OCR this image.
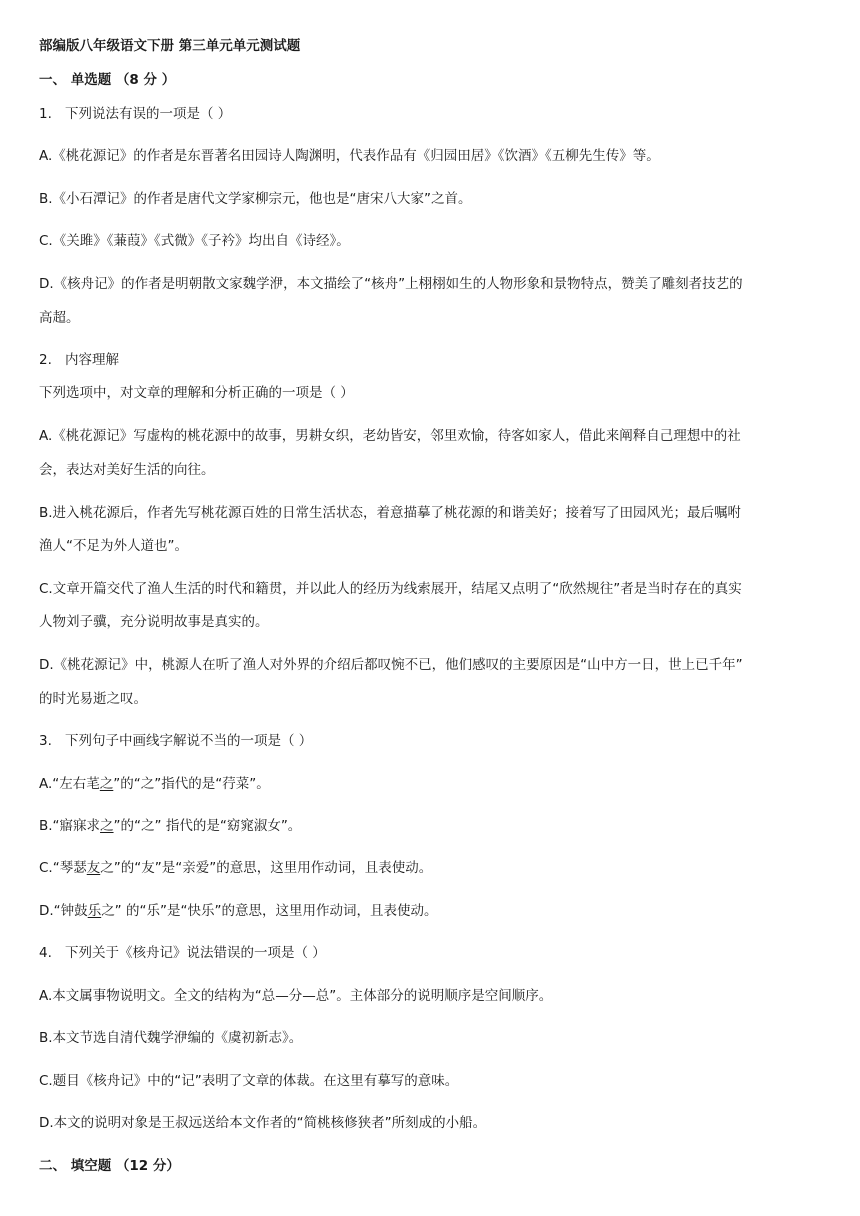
部编版八年级语文下册 第三单元单元测试题
一、 单选题 （8 分 ）
1. 下列说法有误的一项是（ ）
A.《桃花源记》的作者是东晋著名田园诗人陶渊明，代表作品有《归园田居》《饮酒》《五柳先生传》等。
B.《小石潭记》的作者是唐代文学家柳宗元，他也是“唐宋八大家”之首。
C.《关雎》《蒹葭》《式微》《子衿》均出自《诗经》。
D.《核舟记》的作者是明朝散文家魏学洢，本文描绘了“核舟”上栩栩如生的人物形象和景物特点，赞美了雕刻者技艺的
高超。
2. 内容理解
下列选项中，对文章的理解和分析正确的一项是（ ）
A.《桃花源记》写虚构的桃花源中的故事，男耕女织，老幼皆安，邻里欢愉，待客如家人，借此来阐释自己理想中的社
会，表达对美好生活的向往。
B.进入桃花源后，作者先写桃花源百姓的日常生活状态，着意描摹了桃花源的和谐美好；接着写了田园风光；最后嘱咐
渔人“不足为外人道也”。
C.文章开篇交代了渔人生活的时代和籍贯，并以此人的经历为线索展开，结尾又点明了“欣然规往”者是当时存在的真实
人物刘子骥，充分说明故事是真实的。
D.《桃花源记》中，桃源人在听了渔人对外界的介绍后都叹惋不已，他们感叹的主要原因是“山中方一日，世上已千年”
的时光易逝之叹。
3. 下列句子中画线字解说不当的一项是（ ）
A.“左右芼之”的“之”指代的是“荇菜”。
B.“寤寐求之”的“之” 指代的是“窈窕淑女”。
C.“琴瑟友之”的“友”是“亲爱”的意思，这里用作动词，且表使动。
D.“钟鼓乐之” 的“乐”是“快乐”的意思，这里用作动词，且表使动。
4. 下列关于《核舟记》说法错误的一项是（ ）
A.本文属事物说明文。全文的结构为“总—分—总”。主体部分的说明顺序是空间顺序。
B.本文节选自清代魏学洢编的《虞初新志》。
C.题目《核舟记》中的“记”表明了文章的体裁。在这里有摹写的意味。
D.本文的说明对象是王叔远送给本文作者的“简桃核修狭者”所刻成的小船。
二、 填空题 （12 分）
